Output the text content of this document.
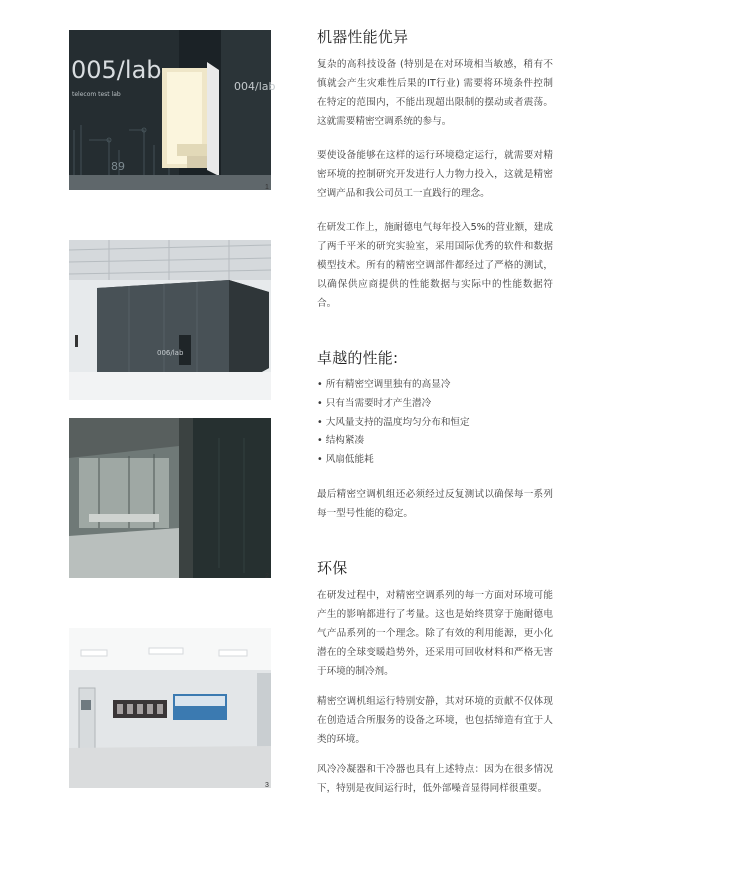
005/lab
telecom test lab
89
004/lab
1
006/lab
2
3
机器性能优异

复杂的高科技设备 (特别是在对环境相当敏感，稍有不慎就会产生灾难性后果的IT行业) 需要将环境条件控制在特定的范围内，不能出现超出限制的摆动或者震荡。这就需要精密空调系统的参与。

要使设备能够在这样的运行环境稳定运行，就需要对精密环境的控制研究开发进行人力物力投入，这就是精密空调产品和我公司员工一直践行的理念。

在研发工作上，施耐德电气每年投入5%的营业额，建成了两千平米的研究实验室，采用国际优秀的软件和数据模型技术。所有的精密空调部件都经过了严格的测试，以确保供应商提供的性能数据与实际中的性能数据符合。

卓越的性能:
• 所有精密空调里独有的高显冷
• 只有当需要时才产生潜冷
• 大风量支持的温度均匀分布和恒定
• 结构紧凑
• 风扇低能耗

最后精密空调机组还必须经过反复测试以确保每一系列每一型号性能的稳定。

环保

在研发过程中，对精密空调系列的每一方面对环境可能产生的影响都进行了考量。这也是始终贯穿于施耐德电气产品系列的一个理念。除了有效的利用能源，更小化潜在的全球变暖趋势外，还采用可回收材料和严格无害于环境的制冷剂。

精密空调机组运行特别安静，其对环境的贡献不仅体现在创造适合所服务的设备之环境，也包括缔造有宜于人类的环境。

风冷冷凝器和干冷器也具有上述特点：因为在很多情况下，特别是夜间运行时，低外部噪音显得同样很重要。
